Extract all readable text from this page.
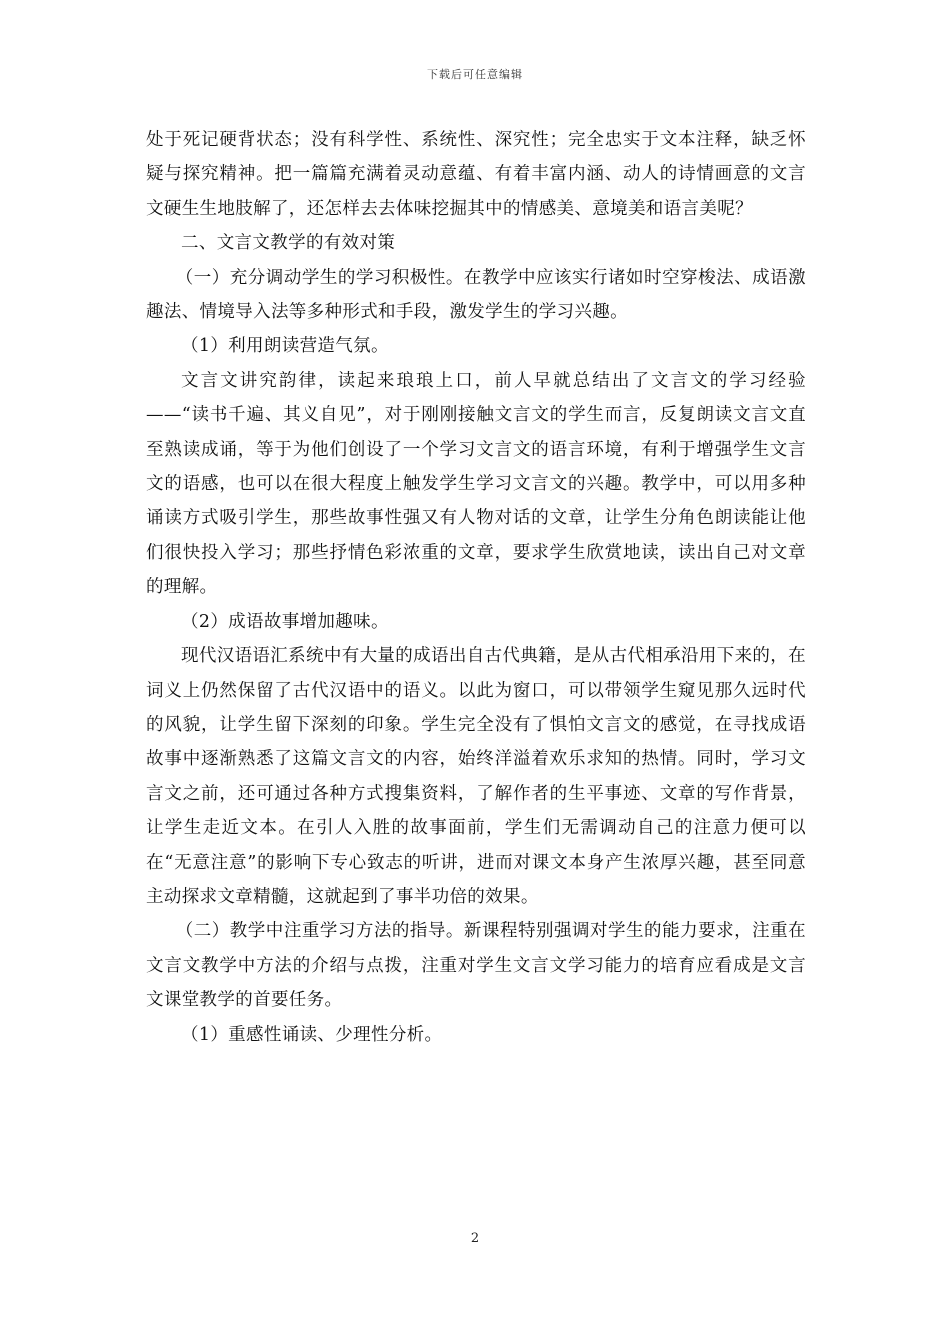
下载后可任意编辑

处于死记硬背状态；没有科学性、系统性、深究性；完全忠实于文本注释，缺乏怀疑与探究精神。把一篇篇充满着灵动意蕴、有着丰富内涵、动人的诗情画意的文言文硬生生地肢解了，还怎样去去体味挖掘其中的情感美、意境美和语言美呢？

二、文言文教学的有效对策

（一）充分调动学生的学习积极性。在教学中应该实行诸如时空穿梭法、成语激趣法、情境导入法等多种形式和手段，激发学生的学习兴趣。

（1）利用朗读营造气氛。

文言文讲究韵律，读起来琅琅上口，前人早就总结出了文言文的学习经验——“读书千遍、其义自见”，对于刚刚接触文言文的学生而言，反复朗读文言文直至熟读成诵，等于为他们创设了一个学习文言文的语言环境，有利于增强学生文言文的语感，也可以在很大程度上触发学生学习文言文的兴趣。教学中，可以用多种诵读方式吸引学生，那些故事性强又有人物对话的文章，让学生分角色朗读能让他们很快投入学习；那些抒情色彩浓重的文章，要求学生欣赏地读，读出自己对文章的理解。

（2）成语故事增加趣味。

现代汉语语汇系统中有大量的成语出自古代典籍，是从古代相承沿用下来的，在词义上仍然保留了古代汉语中的语义。以此为窗口，可以带领学生窥见那久远时代的风貌，让学生留下深刻的印象。学生完全没有了惧怕文言文的感觉，在寻找成语故事中逐渐熟悉了这篇文言文的内容，始终洋溢着欢乐求知的热情。同时，学习文言文之前，还可通过各种方式搜集资料，了解作者的生平事迹、文章的写作背景，让学生走近文本。在引人入胜的故事面前，学生们无需调动自己的注意力便可以在“无意注意”的影响下专心致志的听讲，进而对课文本身产生浓厚兴趣，甚至同意主动探求文章精髓，这就起到了事半功倍的效果。

（二）教学中注重学习方法的指导。新课程特别强调对学生的能力要求，注重在文言文教学中方法的介绍与点拨，注重对学生文言文学习能力的培育应看成是文言文课堂教学的首要任务。

（1）重感性诵读、少理性分析。

2
